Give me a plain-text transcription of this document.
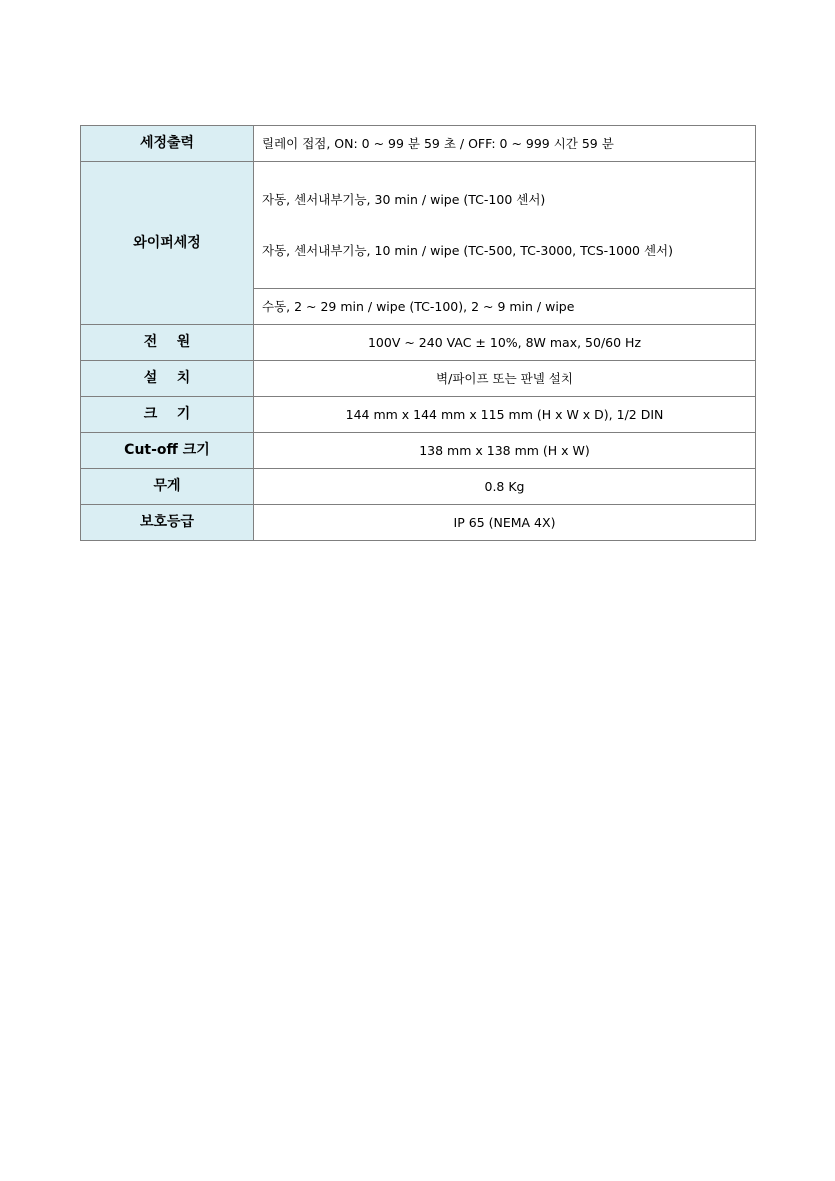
세정출력	릴레이 접점, ON: 0 ~ 99 분 59 초 / OFF: 0 ~ 999 시간 59 분
와이퍼세정	자동, 센서내부기능, 30 min / wipe (TC-100 센서)

자동, 센서내부기능, 10 min / wipe (TC-500, TC-3000, TCS-1000 센서)

	수동, 2 ~ 29 min / wipe (TC-100), 2 ~ 9 min / wipe
전    원	100V ~ 240 VAC ± 10%, 8W max, 50/60 Hz
설    치	벽/파이프 또는 판넬 설치
크    기	144 mm x 144 mm x 115 mm (H x W x D), 1/2 DIN
Cut-off 크기	138 mm x 138 mm (H x W)
무게	0.8 Kg
보호등급	IP 65 (NEMA 4X)
